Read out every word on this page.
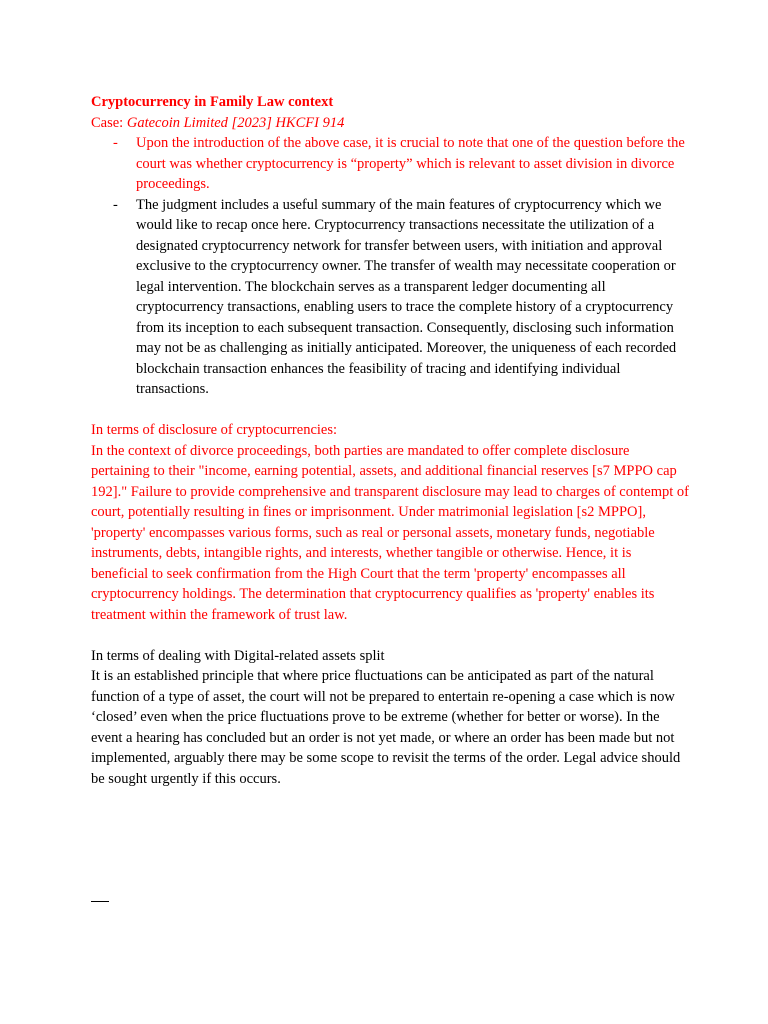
Cryptocurrency in Family Law context
Case: Gatecoin Limited [2023] HKCFI 914
- Upon the introduction of the above case, it is crucial to note that one of the question before the court was whether cryptocurrency is “property” which is relevant to asset division in divorce proceedings.
- The judgment includes a useful summary of the main features of cryptocurrency which we would like to recap once here. Cryptocurrency transactions necessitate the utilization of a designated cryptocurrency network for transfer between users, with initiation and approval exclusive to the cryptocurrency owner. The transfer of wealth may necessitate cooperation or legal intervention. The blockchain serves as a transparent ledger documenting all cryptocurrency transactions, enabling users to trace the complete history of a cryptocurrency from its inception to each subsequent transaction. Consequently, disclosing such information may not be as challenging as initially anticipated. Moreover, the uniqueness of each recorded blockchain transaction enhances the feasibility of tracing and identifying individual transactions.
In terms of disclosure of cryptocurrencies:
In the context of divorce proceedings, both parties are mandated to offer complete disclosure pertaining to their "income, earning potential, assets, and additional financial reserves [s7 MPPO cap 192]." Failure to provide comprehensive and transparent disclosure may lead to charges of contempt of court, potentially resulting in fines or imprisonment. Under matrimonial legislation [s2 MPPO], 'property' encompasses various forms, such as real or personal assets, monetary funds, negotiable instruments, debts, intangible rights, and interests, whether tangible or otherwise. Hence, it is beneficial to seek confirmation from the High Court that the term 'property' encompasses all cryptocurrency holdings. The determination that cryptocurrency qualifies as 'property' enables its treatment within the framework of trust law.
In terms of dealing with Digital-related assets split
It is an established principle that where price fluctuations can be anticipated as part of the natural function of a type of asset, the court will not be prepared to entertain re-opening a case which is now ‘closed’ even when the price fluctuations prove to be extreme (whether for better or worse). In the event a hearing has concluded but an order is not yet made, or where an order has been made but not implemented, arguably there may be some scope to revisit the terms of the order. Legal advice should be sought urgently if this occurs.
